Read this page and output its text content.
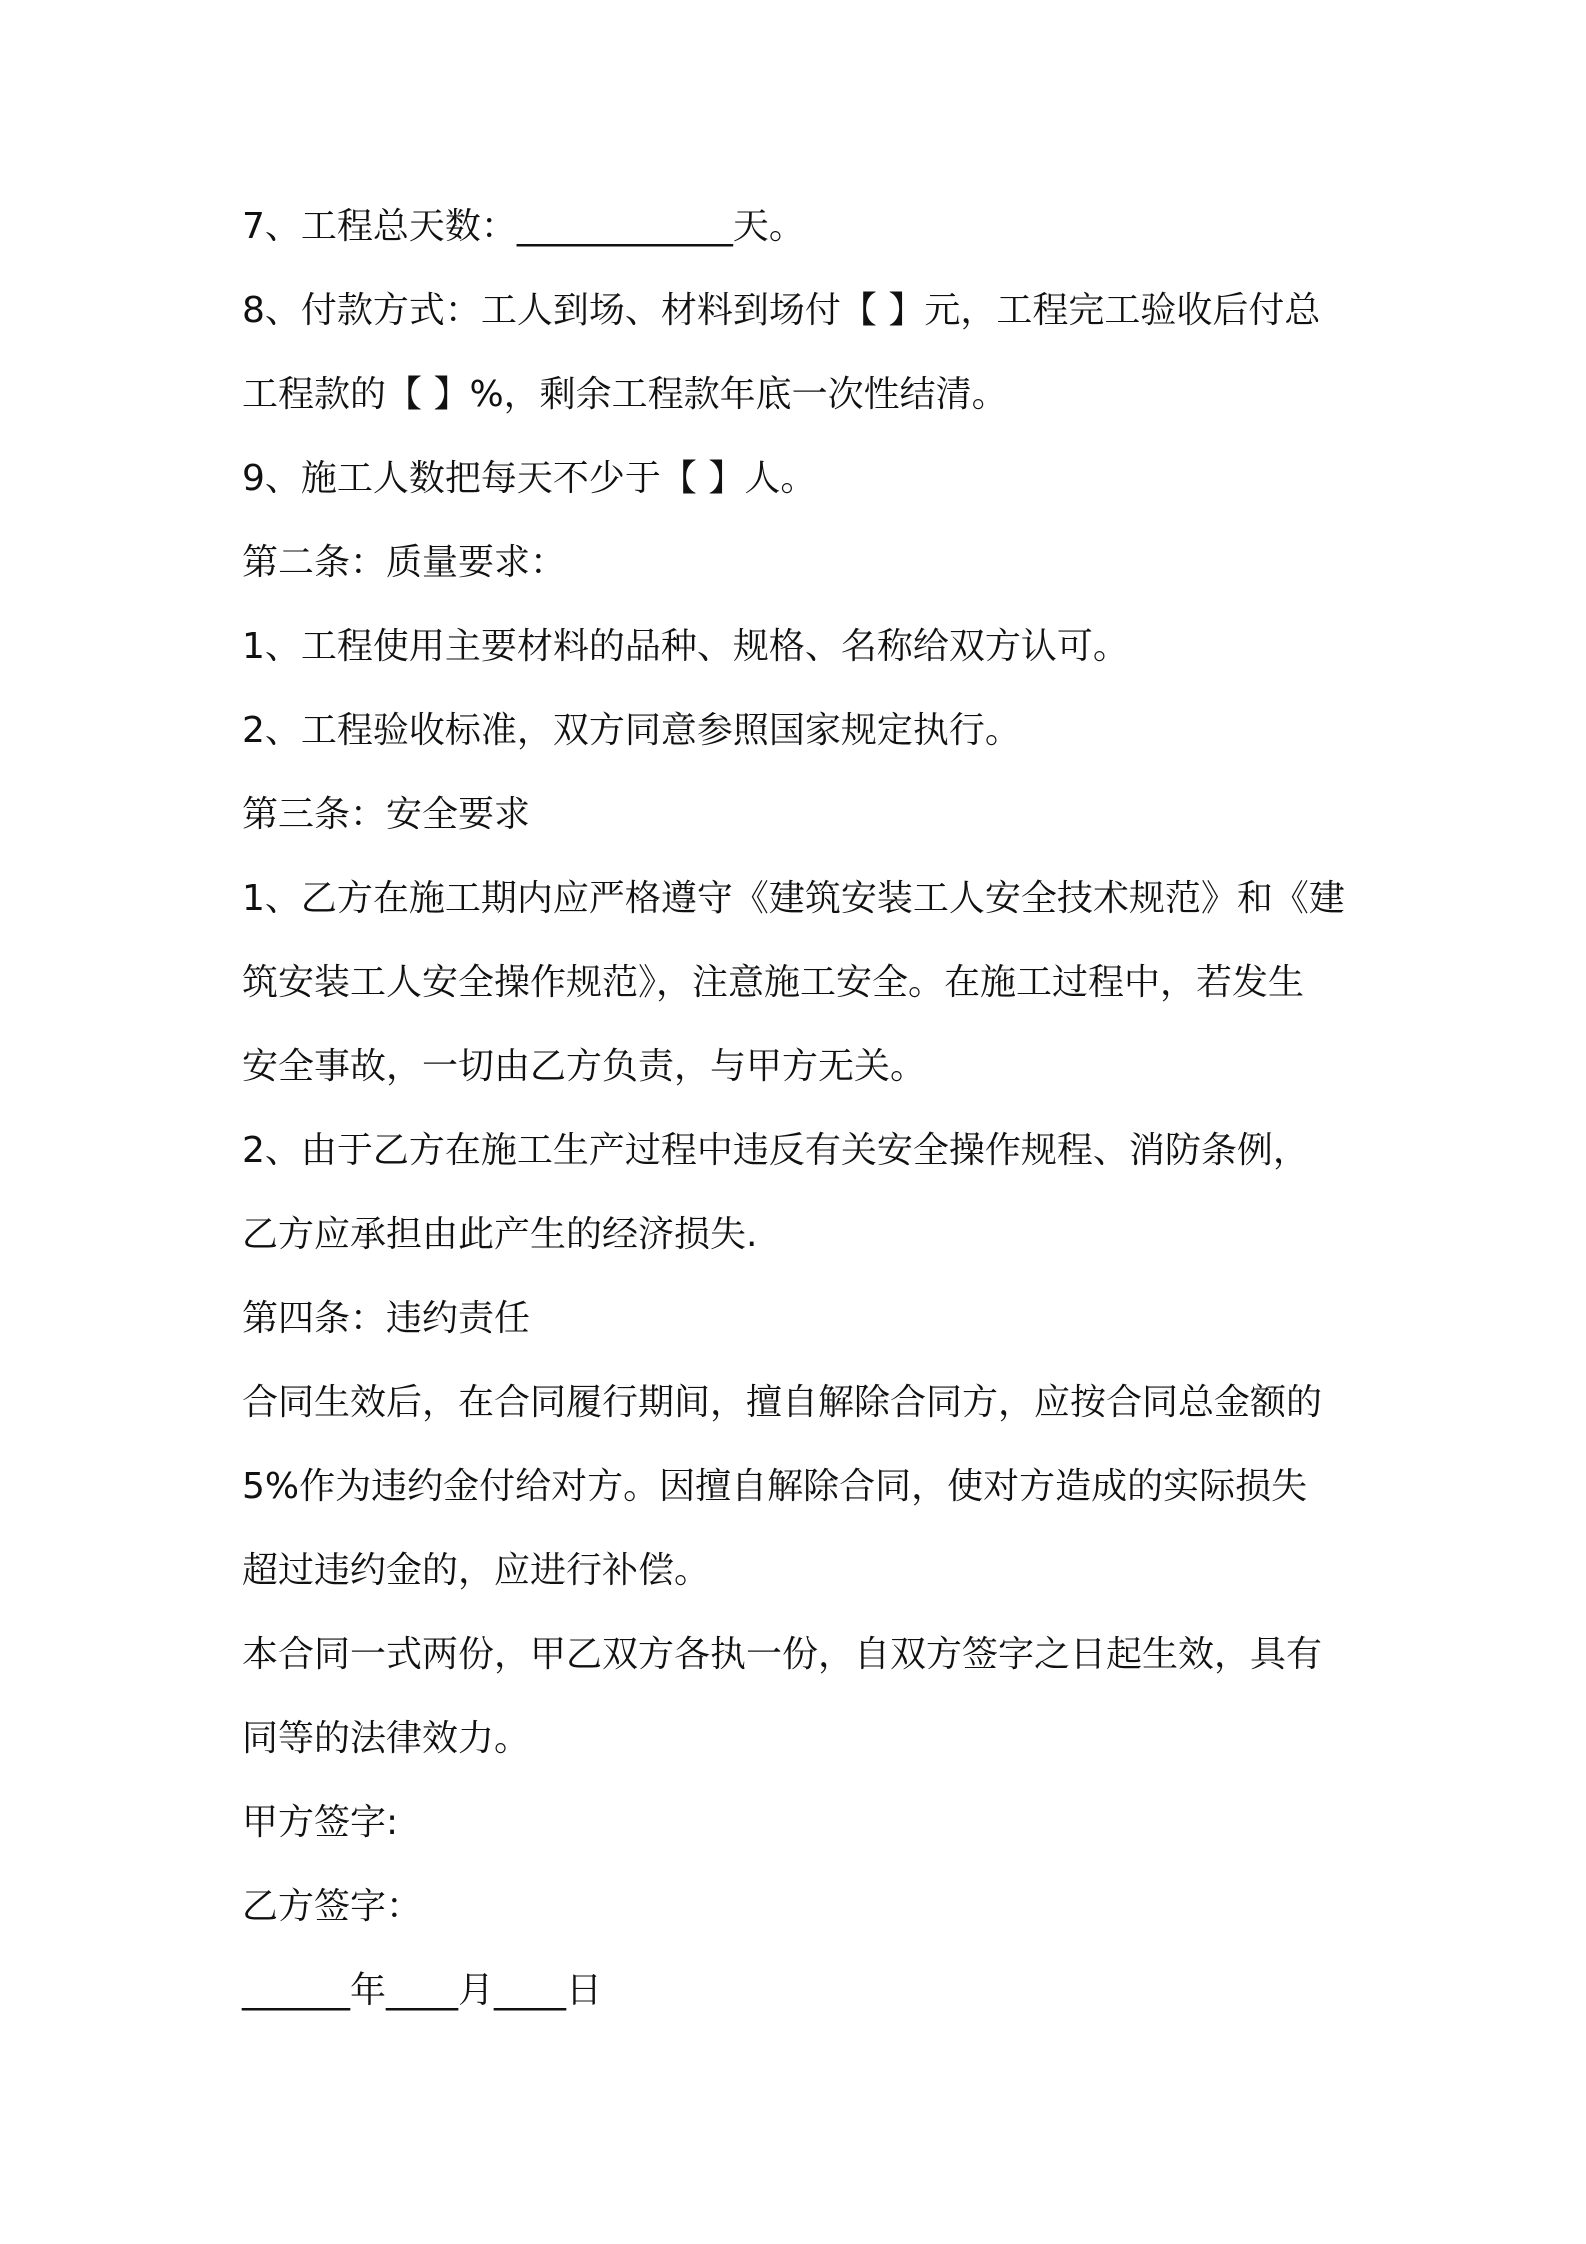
7、工程总天数：____________天。

8、付款方式：工人到场、材料到场付【 】元，工程完工验收后付总

工程款的【 】%，剩余工程款年底一次性结清。

9、施工人数把每天不少于【 】人。

第二条：质量要求：

1、工程使用主要材料的品种、规格、名称给双方认可。

2、工程验收标准，双方同意参照国家规定执行。

第三条：安全要求

1、乙方在施工期内应严格遵守《建筑安装工人安全技术规范》和《建

筑安装工人安全操作规范》，注意施工安全。在施工过程中，若发生

安全事故，一切由乙方负责，与甲方无关。

2、由于乙方在施工生产过程中违反有关安全操作规程、消防条例，

乙方应承担由此产生的经济损失.

第四条：违约责任

合同生效后，在合同履行期间，擅自解除合同方，应按合同总金额的

5%作为违约金付给对方。因擅自解除合同，使对方造成的实际损失

超过违约金的，应进行补偿。

本合同一式两份，甲乙双方各执一份，自双方签字之日起生效，具有

同等的法律效力。

甲方签字:

乙方签字：

______年____月____日
